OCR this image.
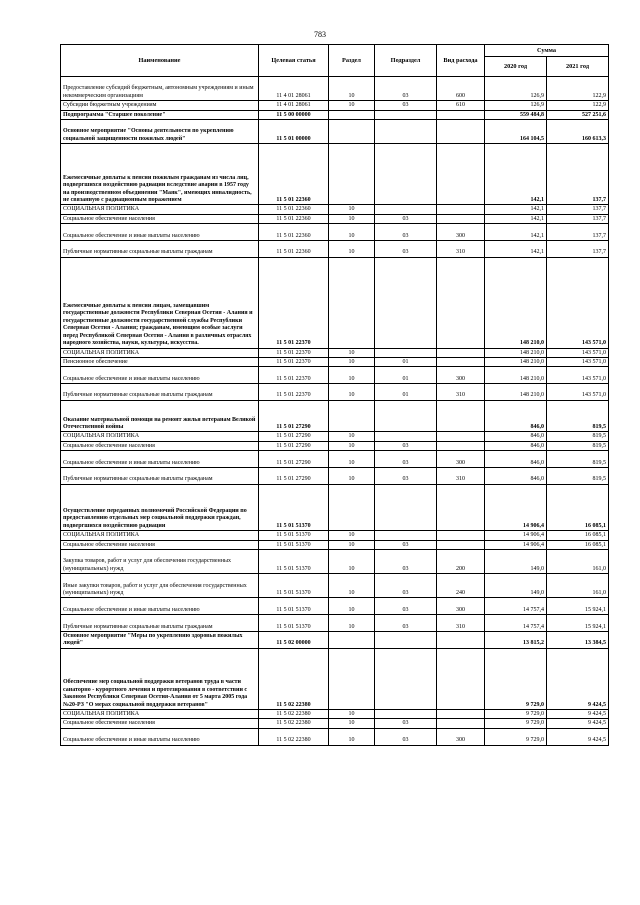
783
Наименование	Целевая статья	Раздел	Подраздел	Вид расхода	Сумма	
					2020 год	2021 год
Предоставление субсидий бюджетным, автономным учреждениям и иным некоммерческим организациям	11 4 01 28061	10	03	600	126,9	122,9
Субсидии бюджетным учреждениям	11 4 01 28061	10	03	610	126,9	122,9
Подпрограмма "Старшее поколение"	11 5 00 00000				559 484,8	527 251,6
Основное мероприятие "Основы деятельности по укреплению социальной защищенности пожилых людей"	11 5 01 00000				164 104,5	160 613,3
Ежемесячные доплаты к пенсии пожилым гражданам из числа лиц, подвергшихся воздействию радиации вследствие аварии в 1957 году на производственном объединении "Маяк", имеющих инвалидность, не связанную с радиационным поражением	11 5 01 22360				142,1	137,7
СОЦИАЛЬНАЯ ПОЛИТИКА	11 5 01 22360	10			142,1	137,7
Социальное обеспечение населения	11 5 01 22360	10	03		142,1	137,7
Социальное обеспечение и иные выплаты населению	11 5 01 22360	10	03	300	142,1	137,7
Публичные нормативные социальные выплаты гражданам	11 5 01 22360	10	03	310	142,1	137,7
Ежемесячные доплаты к пенсии лицам, замещавшим государственные должности Республики Северная Осетия - Алания и государственные должности государственной службы Республики Северная Осетия - Алания; гражданам, имеющим особые заслуги перед Республикой Северная Осетия - Алания в различных отраслях народного хозяйства, науки, культуры, искусства.	11 5 01 22370				148 210,0	143 571,0
СОЦИАЛЬНАЯ ПОЛИТИКА	11 5 01 22370	10			148 210,0	143 571,0
Пенсионное обеспечение	11 5 01 22370	10	01		148 210,0	143 571,0
Социальное обеспечение и иные выплаты населению	11 5 01 22370	10	01	300	148 210,0	143 571,0
Публичные нормативные социальные выплаты гражданам	11 5 01 22370	10	01	310	148 210,0	143 571,0
Оказание материальной помощи на ремонт жилья ветеранам Великой Отечественной войны	11 5 01 27290				846,0	819,5
СОЦИАЛЬНАЯ ПОЛИТИКА	11 5 01 27290	10			846,0	819,5
Социальное обеспечение населения	11 5 01 27290	10	03		846,0	819,5
Социальное обеспечение и иные выплаты населению	11 5 01 27290	10	03	300	846,0	819,5
Публичные нормативные социальные выплаты гражданам	11 5 01 27290	10	03	310	846,0	819,5
Осуществление переданных полномочий Российской Федерации по предоставлению отдельных мер социальной поддержки граждан, подвергшихся воздействию радиации	11 5 01 51370				14 906,4	16 085,1
СОЦИАЛЬНАЯ ПОЛИТИКА	11 5 01 51370	10			14 906,4	16 085,1
Социальное обеспечение населения	11 5 01 51370	10	03		14 906,4	16 085,1
Закупка товаров, работ и услуг для обеспечения государственных (муниципальных) нужд	11 5 01 51370	10	03	200	149,0	161,0
Иные закупки товаров, работ и услуг для обеспечения государственных (муниципальных) нужд	11 5 01 51370	10	03	240	149,0	161,0
Социальное обеспечение и иные выплаты населению	11 5 01 51370	10	03	300	14 757,4	15 924,1
Публичные нормативные социальные выплаты гражданам	11 5 01 51370	10	03	310	14 757,4	15 924,1
Основное мероприятие "Меры по укреплению здоровья пожилых людей"	11 5 02 00000				13 815,2	13 384,5
Обеспечение мер социальной поддержки ветеранов труда в части санаторно - курортного лечения и протезирования в соответствии с Законом Республики Северная Осетия-Алания от 5 марта 2005 года №20-РЗ "О мерах социальной поддержки ветеранов"	11 5 02 22380				9 729,0	9 424,5
СОЦИАЛЬНАЯ ПОЛИТИКА	11 5 02 22380	10			9 729,0	9 424,5
Социальное обеспечение населения	11 5 02 22380	10	03		9 729,0	9 424,5
Социальное обеспечение и иные выплаты населению	11 5 02 22380	10	03	300	9 729,0	9 424,5
